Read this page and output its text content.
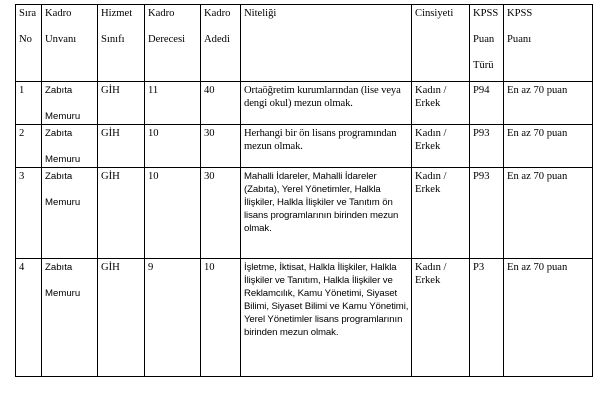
Sıra
No	Kadro
Unvanı	Hizmet
Sınıfı	Kadro
Derecesi	Kadro
Adedi	Niteliği	Cinsiyeti	KPSS
Puan
Türü	KPSS
Puanı

1	Zabıta
Memuru	GİH	11	40	Ortaöğretim kurumlarından (lise veya dengi okul) mezun olmak.	Kadın / Erkek	P94	En az 70 puan
2	Zabıta
Memuru	GİH	10	30	Herhangi bir ön lisans programından mezun olmak.	Kadın / Erkek	P93	En az 70 puan
3	Zabıta
Memuru	GİH	10	30	Mahalli İdareler, Mahalli İdareler (Zabıta), Yerel Yönetimler, Halkla İlişkiler, Halkla İlişkiler ve Tanıtım ön lisans programlarının birinden mezun olmak.	Kadın / Erkek	P93	En az 70 puan
4	Zabıta
Memuru	GİH	9	10	İşletme, İktisat, Halkla İlişkiler, Halkla İlişkiler ve Tanıtım, Halkla İlişkiler ve Reklamcılık, Kamu Yönetimi, Siyaset Bilimi, Siyaset Bilimi ve Kamu Yönetimi, Yerel Yönetimler lisans programlarının birinden mezun olmak.	Kadın / Erkek	P3	En az 70 puan
